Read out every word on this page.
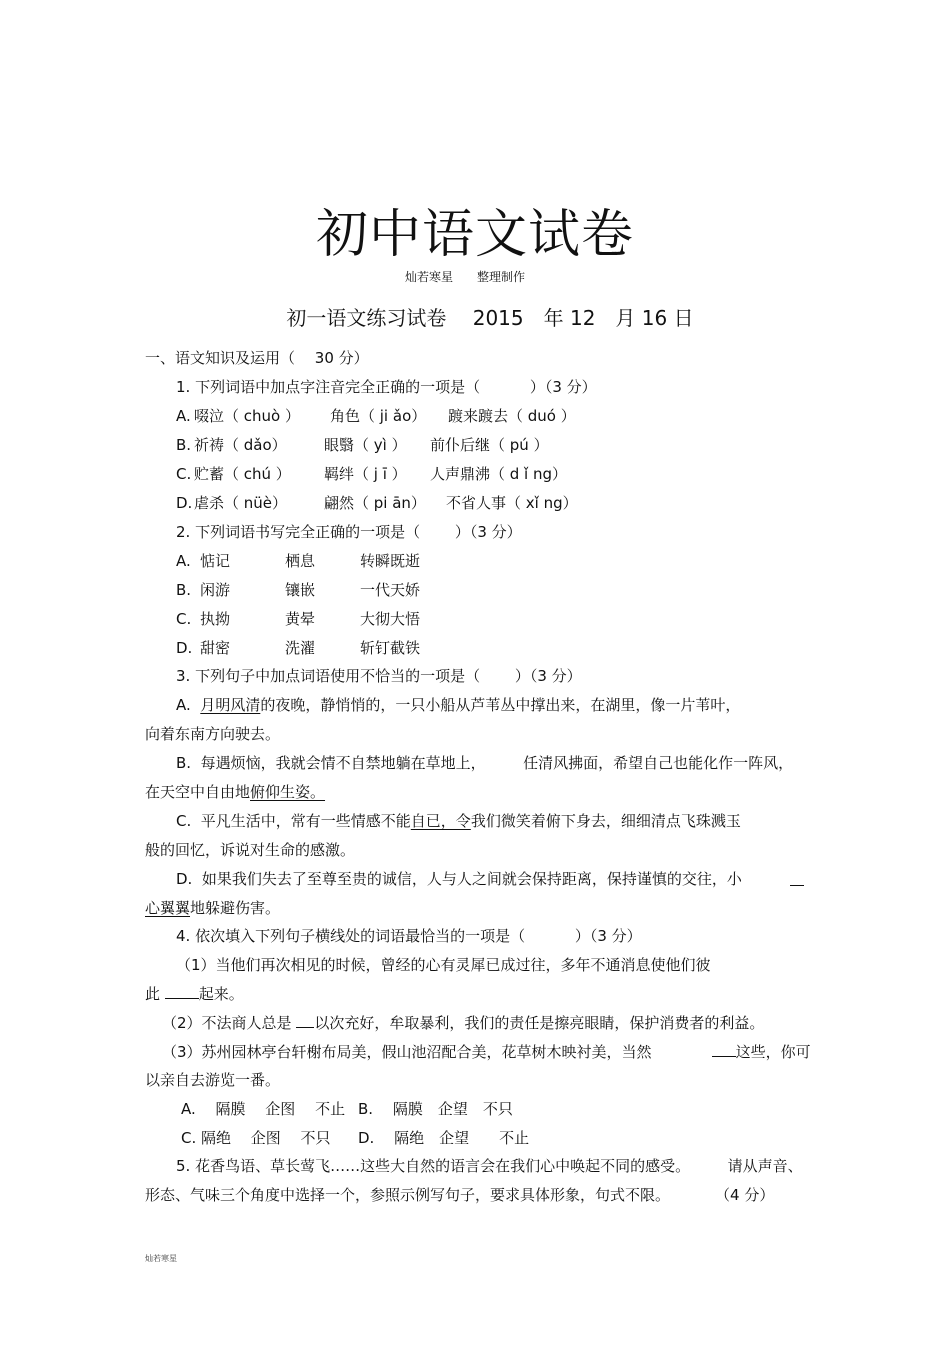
初中语文试卷
灿若寒星　　整理制作
初一语文练习试卷　 2015　年 12　月 16 日
一、语文知识及运用（　 30 分）
1. 下列词语中加点字注音完全正确的一项是（　　　 ）（3 分）
A. 啜泣（ chuò ） 角色（ ji ǎo） 踱来踱去（ duó ）
B. 祈祷（ dǎo） 眼翳（ yì ） 前仆后继（ pú ）
C. 贮蓄（ chú ） 羁绊（ j ī ） 人声鼎沸（ d ǐ ng）
D. 虐杀（ nüè） 翩然（ pi ān） 不省人事（ xǐ ng）
2. 下列词语书写完全正确的一项是（　　 ）（3 分）
A. 惦记	栖息	转瞬既逝
B. 闲游	镶嵌	一代天娇
C. 执拗	黄晕	大彻大悟
D. 甜密	洗濯	斩钉截铁
3. 下列句子中加点词语使用不恰当的一项是（　　 ）（3 分）
A.  月明风清的夜晚，静悄悄的，一只小船从芦苇丛中撑出来，在湖里，像一片苇叶，
向着东南方向驶去。
B.  每遇烦恼，我就会情不自禁地躺在草地上，　　　任清风拂面，希望自己也能化作一阵风，
在天空中自由地俯仰生姿。
C.  平凡生活中，常有一些情感不能自已，令我们微笑着俯下身去，细细清点飞珠溅玉
般的回忆，诉说对生命的感激。
D.  如果我们失去了至尊至贵的诚信，人与人之间就会保持距离，保持谨慎的交往，小
心翼翼地躲避伤害。
4. 依次填入下列句子横线处的词语最恰当的一项是（　　　 ）（3 分）
（1）当他们再次相见的时候，曾经的心有灵犀已成过往，多年不通消息使他们彼
此 起来。
（2）不法商人总是 以次充好，牟取暴利，我们的责任是擦亮眼睛，保护消费者的利益。
（3）苏州园林亭台轩榭布局美，假山池沼配合美，花草树木映衬美，当然　　　　这些，你可
以亲自去游览一番。
A.　 隔膜　 企图　 不止 B.　 隔膜　企望　不只
C. 隔绝　 企图　 不只 D.　 隔绝　企望　　不止
5. 花香鸟语、草长莺飞……这些大自然的语言会在我们心中唤起不同的感受。　　　请从声音、
形态、气味三个角度中选择一个，参照示例写句子，要求具体形象，句式不限。　　　　（4 分）
灿若寒星
